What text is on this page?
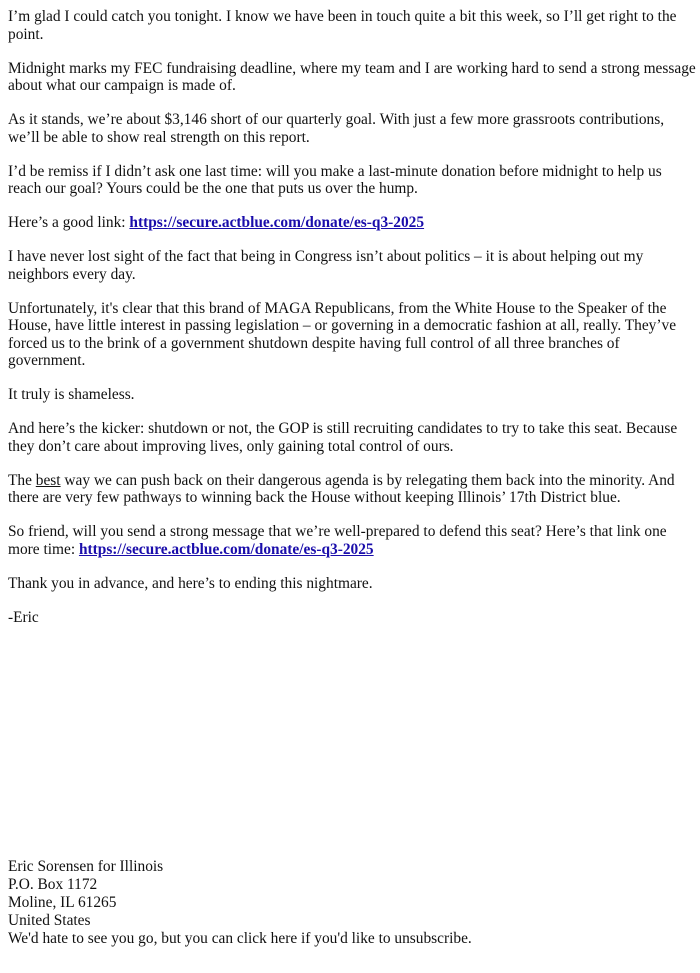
I’m glad I could catch you tonight. I know we have been in touch quite a bit this week, so I’ll get right to the point.

Midnight marks my FEC fundraising deadline, where my team and I are working hard to send a strong message about what our campaign is made of.

As it stands, we’re about $3,146 short of our quarterly goal. With just a few more grassroots contributions, we’ll be able to show real strength on this report.

I’d be remiss if I didn’t ask one last time: will you make a last-minute donation before midnight to help us reach our goal? Yours could be the one that puts us over the hump.

Here’s a good link: https://secure.actblue.com/donate/es-q3-2025

I have never lost sight of the fact that being in Congress isn’t about politics – it is about helping out my neighbors every day.

Unfortunately, it's clear that this brand of MAGA Republicans, from the White House to the Speaker of the House, have little interest in passing legislation – or governing in a democratic fashion at all, really. They’ve forced us to the brink of a government shutdown despite having full control of all three branches of government.

It truly is shameless.

And here’s the kicker: shutdown or not, the GOP is still recruiting candidates to try to take this seat. Because they don’t care about improving lives, only gaining total control of ours.

The best way we can push back on their dangerous agenda is by relegating them back into the minority. And there are very few pathways to winning back the House without keeping Illinois’ 17th District blue.

So friend, will you send a strong message that we’re well-prepared to defend this seat? Here’s that link one more time: https://secure.actblue.com/donate/es-q3-2025

Thank you in advance, and here’s to ending this nightmare.

-Eric

Eric Sorensen for Illinois
P.O. Box 1172
Moline, IL 61265
United States
We'd hate to see you go, but you can click here if you'd like to unsubscribe.
